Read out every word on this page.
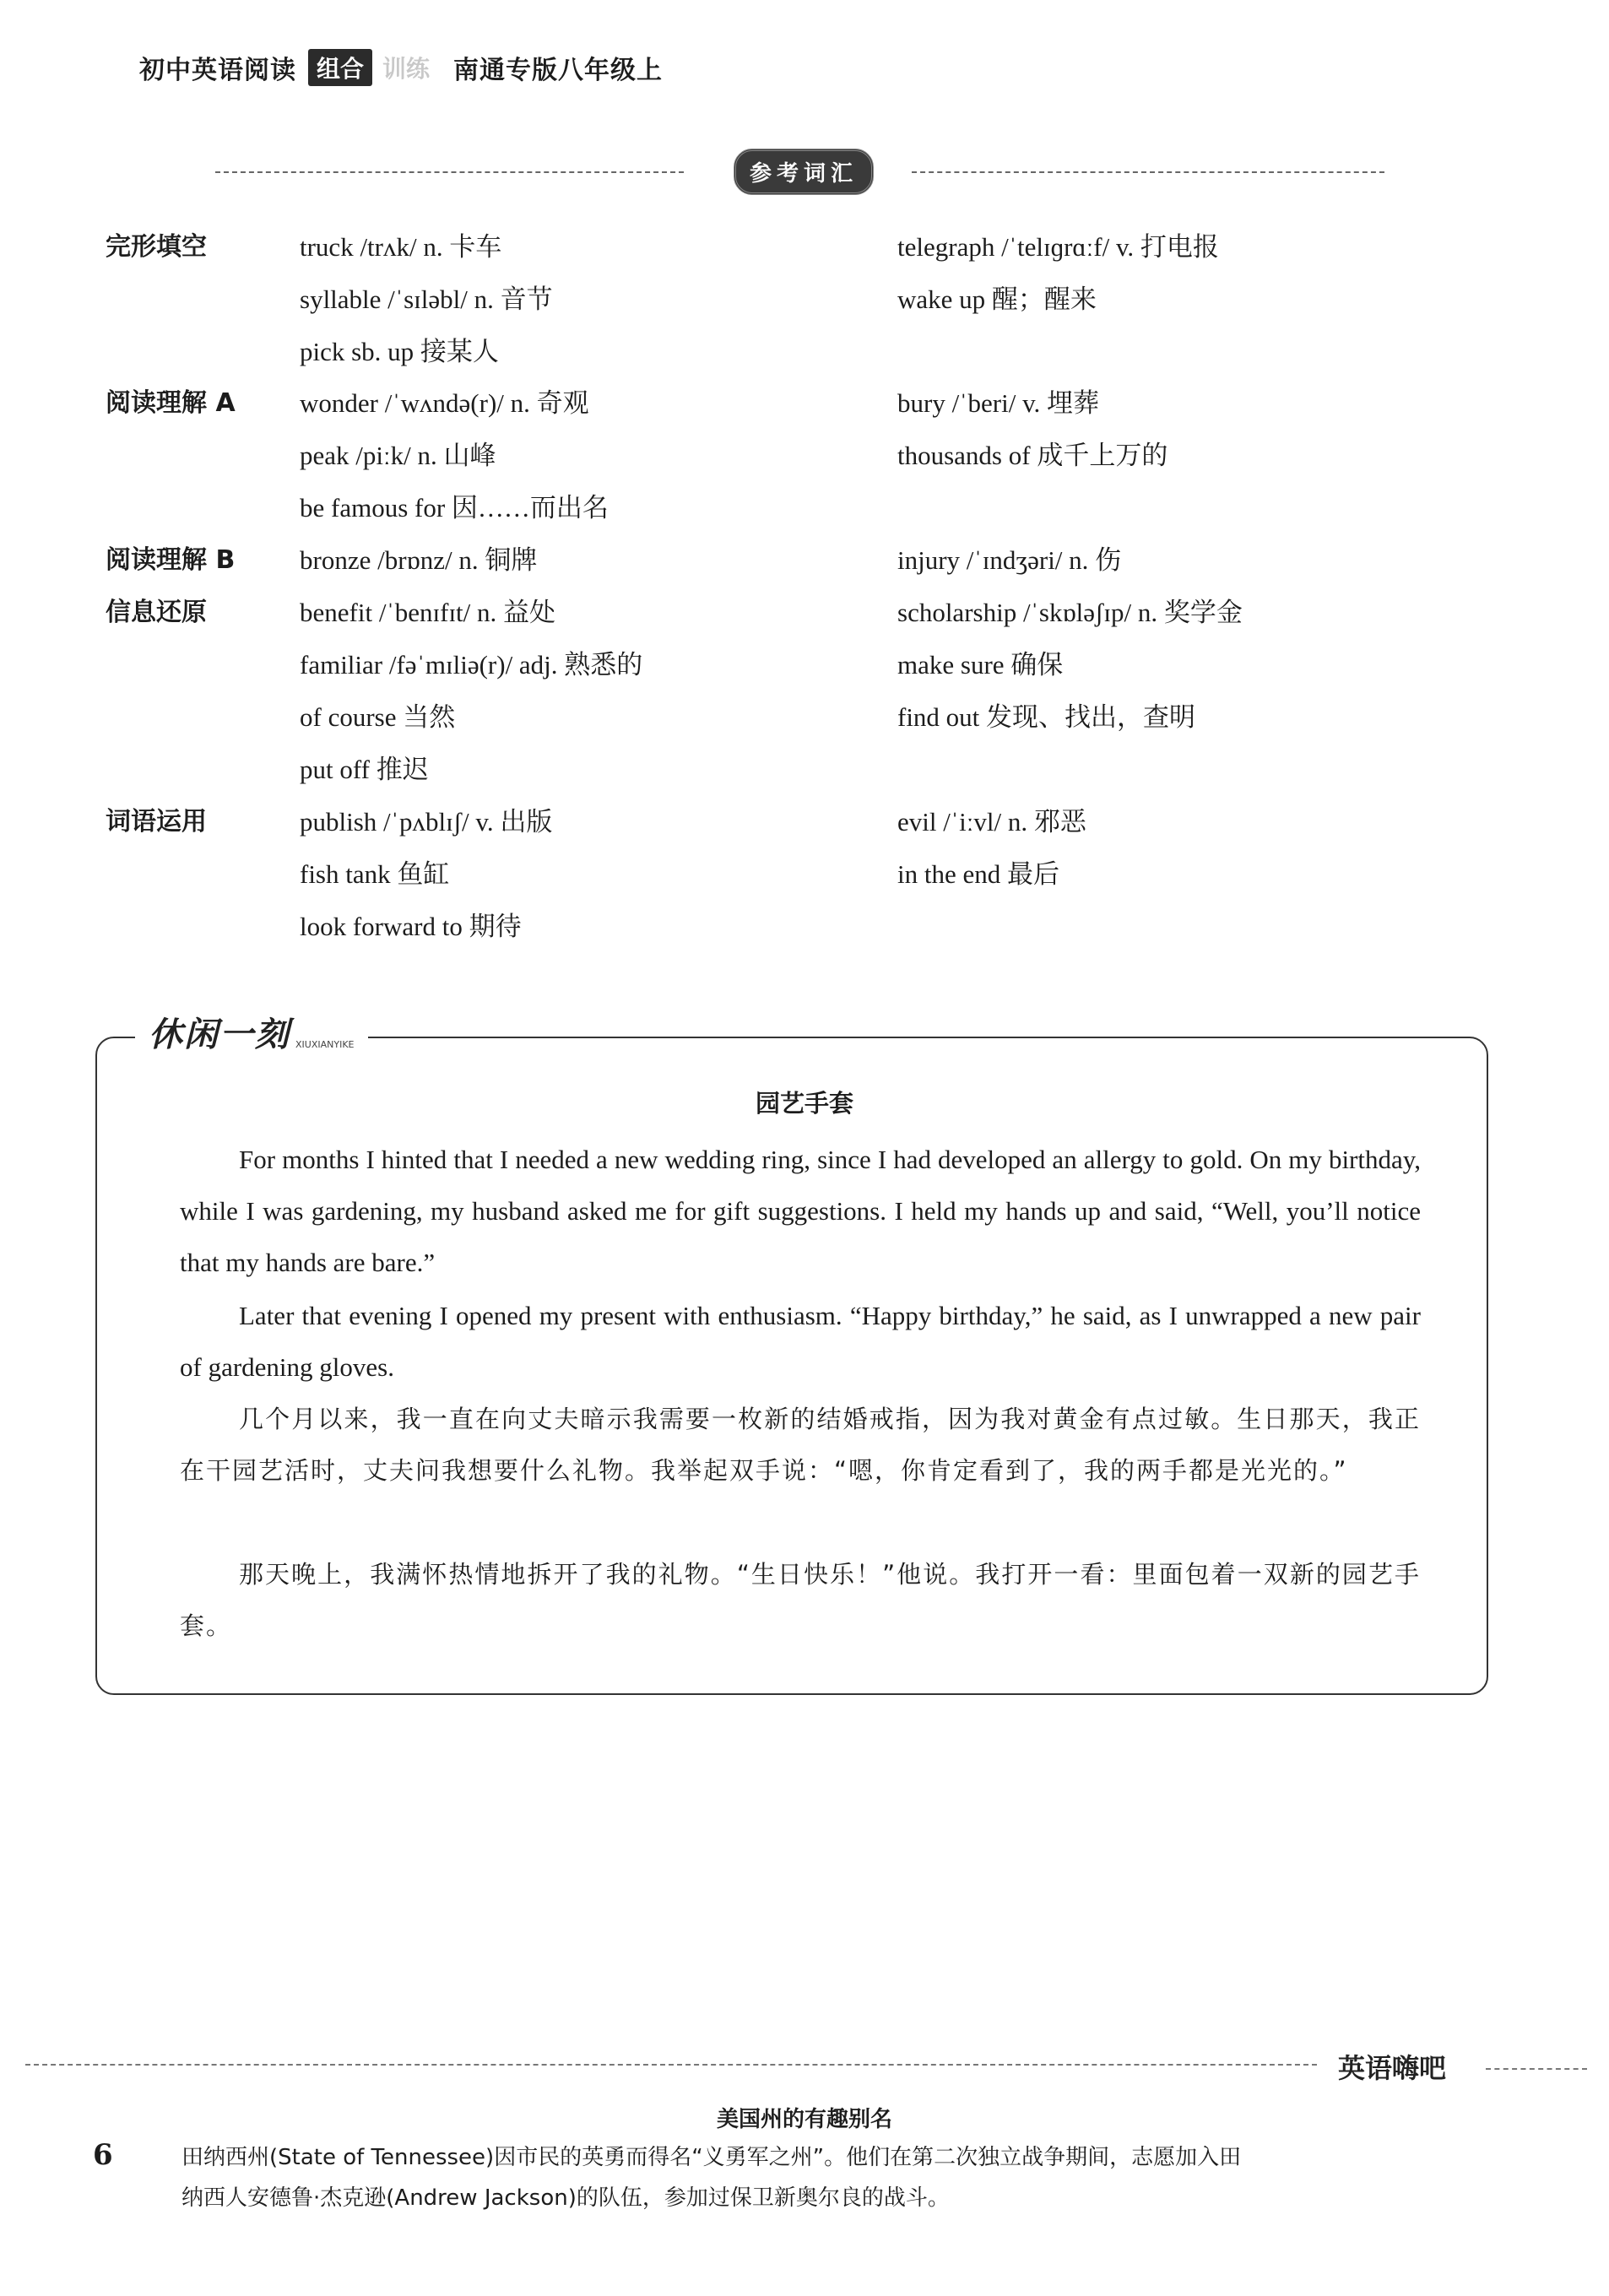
初中英语阅读 组合 训练 南通专版八年级上
参考词汇
完形填空	truck /trʌk/ n. 卡车	telegraph /ˈtelɪɡrɑːf/ v. 打电报
syllable /ˈsɪləbl/ n. 音节	wake up 醒；醒来
pick sb. up 接某人
阅读理解 A wonder /ˈwʌndə(r)/ n. 奇观	bury /ˈberi/ v. 埋葬
peak /piːk/ n. 山峰	thousands of 成千上万的
be famous for 因……而出名
阅读理解 B bronze /brɒnz/ n. 铜牌	injury /ˈɪndʒəri/ n. 伤
信息还原	benefit /ˈbenɪfɪt/ n. 益处	scholarship /ˈskɒləʃɪp/ n. 奖学金
familiar /fəˈmɪliə(r)/ adj. 熟悉的	make sure 确保
of course 当然	find out 发现、找出，查明
put off 推迟
词语运用	publish /ˈpʌblɪʃ/ v. 出版	evil /ˈiːvl/ n. 邪恶
fish tank 鱼缸	in the end 最后
look forward to 期待
休闲一刻 XIUXIANYIKE
园艺手套
For months I hinted that I needed a new wedding ring, since I had developed an allergy to gold. On my birthday, while I was gardening, my husband asked me for gift suggestions. I held my hands up and said, “Well, you’ll notice that my hands are bare.”
Later that evening I opened my present with enthusiasm. “Happy birthday,” he said, as I unwrapped a new pair of gardening gloves.
几个月以来，我一直在向丈夫暗示我需要一枚新的结婚戒指，因为我对黄金有点过敏。生日那天，我正在干园艺活时，丈夫问我想要什么礼物。我举起双手说：“嗯，你肯定看到了，我的两手都是光光的。”
那天晚上，我满怀热情地拆开了我的礼物。“生日快乐！”他说。我打开一看：里面包着一双新的园艺手套。
英语嗨吧
美国州的有趣别名
6	田纳西州(State of Tennessee)因市民的英勇而得名“义勇军之州”。他们在第二次独立战争期间，志愿加入田
纳西人安德鲁·杰克逊(Andrew Jackson)的队伍，参加过保卫新奥尔良的战斗。
